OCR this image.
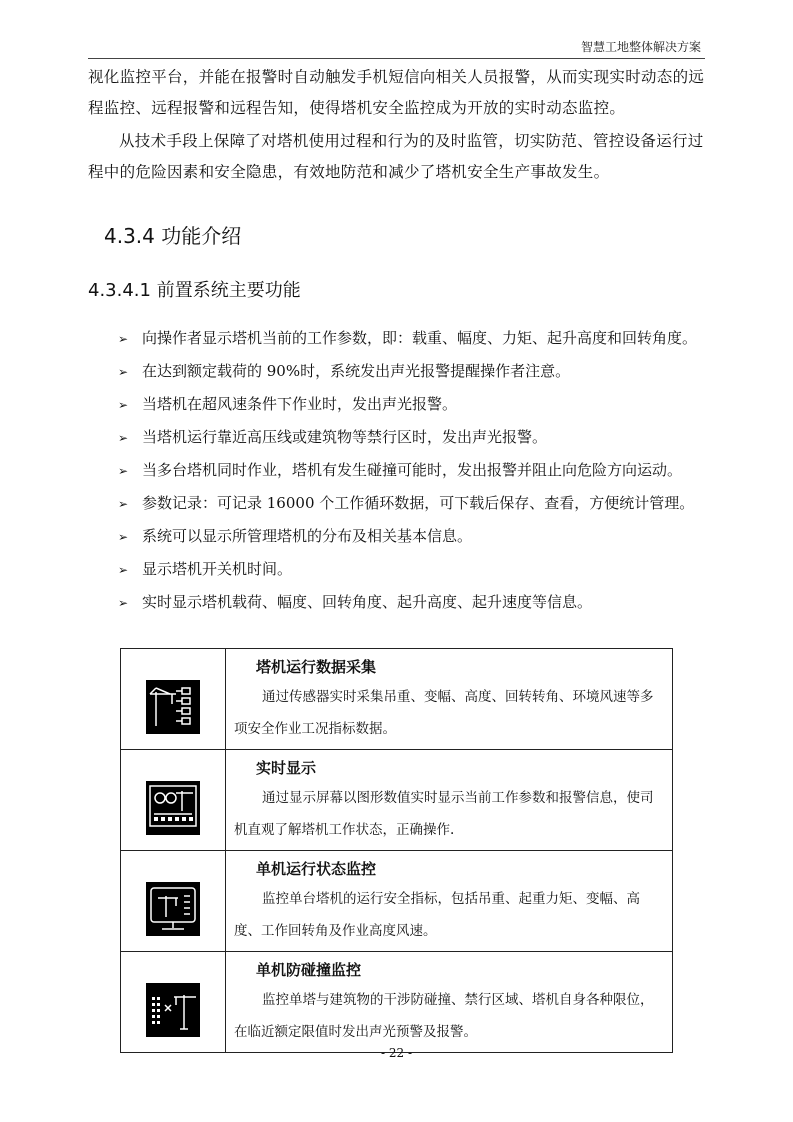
智慧工地整体解决方案
视化监控平台，并能在报警时自动触发手机短信向相关人员报警，从而实现实时动态的远程监控、远程报警和远程告知，使得塔机安全监控成为开放的实时动态监控。
从技术手段上保障了对塔机使用过程和行为的及时监管，切实防范、管控设备运行过程中的危险因素和安全隐患，有效地防范和减少了塔机安全生产事故发生。
4.3.4 功能介绍
4.3.4.1 前置系统主要功能
➢ 向操作者显示塔机当前的工作参数，即：载重、幅度、力矩、起升高度和回转角度。
➢ 在达到额定载荷的 90%时，系统发出声光报警提醒操作者注意。
➢ 当塔机在超风速条件下作业时，发出声光报警。
➢ 当塔机运行靠近高压线或建筑物等禁行区时，发出声光报警。
➢ 当多台塔机同时作业，塔机有发生碰撞可能时，发出报警并阻止向危险方向运动。
➢ 参数记录：可记录 16000 个工作循环数据，可下载后保存、查看，方便统计管理。
➢ 系统可以显示所管理塔机的分布及相关基本信息。
➢ 显示塔机开关机时间。
➢ 实时显示塔机载荷、幅度、回转角度、起升高度、起升速度等信息。

塔机运行数据采集
通过传感器实时采集吊重、变幅、高度、回转转角、环境风速等多项安全作业工况指标数据。

实时显示
通过显示屏幕以图形数值实时显示当前工作参数和报警信息，使司机直观了解塔机工作状态，正确操作.

单机运行状态监控
监控单台塔机的运行安全指标，包括吊重、起重力矩、变幅、高度、工作回转角及作业高度风速。

单机防碰撞监控
监控单塔与建筑物的干涉防碰撞、禁行区域、塔机自身各种限位，在临近额定限值时发出声光预警及报警。
- 22 -
